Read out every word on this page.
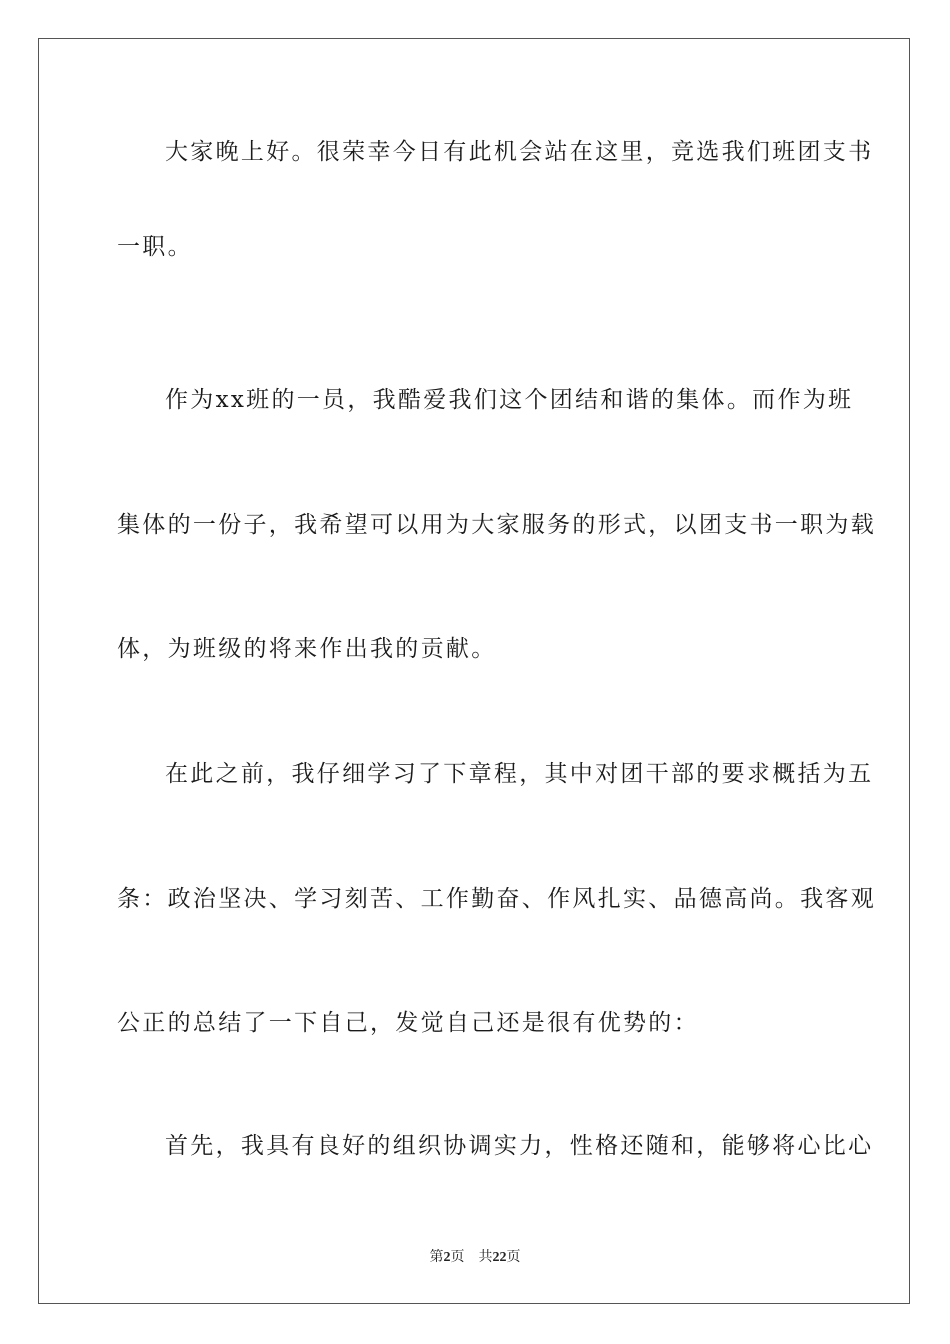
大家晚上好。很荣幸今日有此机会站在这里，竞选我们班团支书
一职。
作为xx班的一员，我酷爱我们这个团结和谐的集体。而作为班
集体的一份子，我希望可以用为大家服务的形式，以团支书一职为载
体，为班级的将来作出我的贡献。
在此之前，我仔细学习了下章程，其中对团干部的要求概括为五
条：政治坚决、学习刻苦、工作勤奋、作风扎实、品德高尚。我客观
公正的总结了一下自己，发觉自己还是很有优势的：
首先，我具有良好的组织协调实力，性格还随和，能够将心比心
第2页 共22页
